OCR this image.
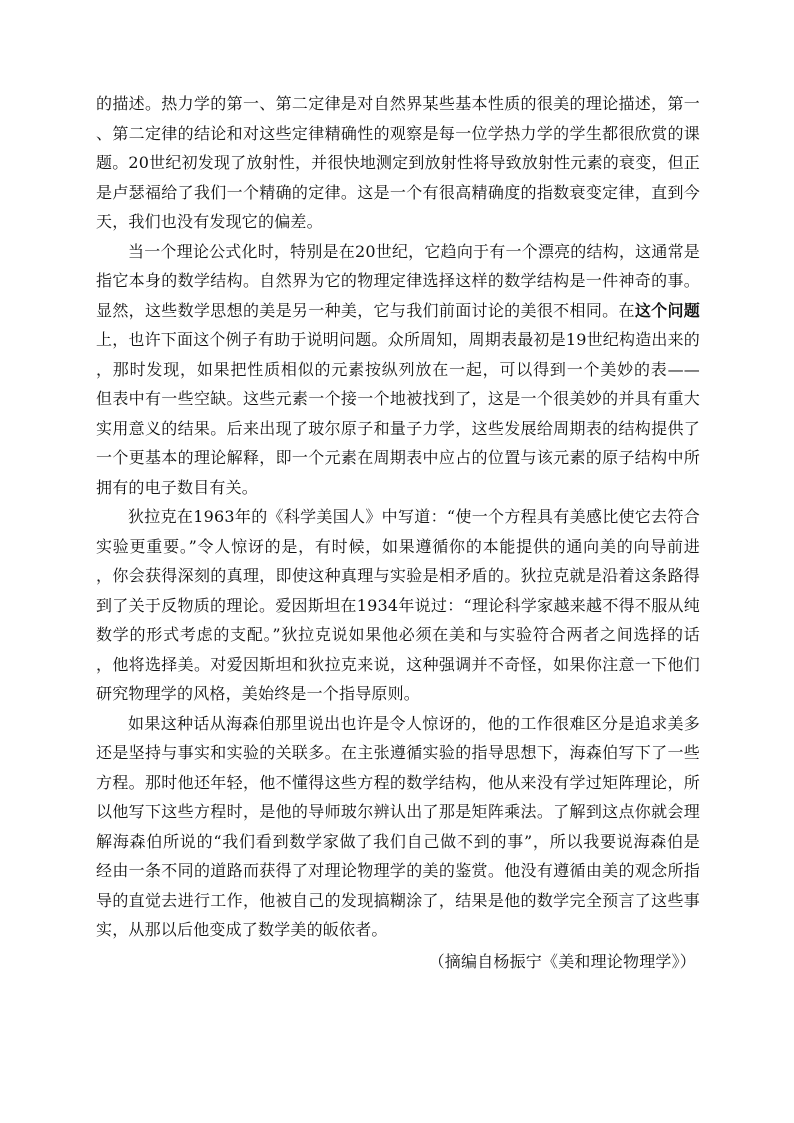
的描述。热力学的第一、第二定律是对自然界某些基本性质的很美的理论描述，第一
、第二定律的结论和对这些定律精确性的观察是每一位学热力学的学生都很欣赏的课
题。20世纪初发现了放射性，并很快地测定到放射性将导致放射性元素的衰变，但正
是卢瑟福给了我们一个精确的定律。这是一个有很高精确度的指数衰变定律，直到今
天，我们也没有发现它的偏差。
当一个理论公式化时，特别是在20世纪，它趋向于有一个漂亮的结构，这通常是
指它本身的数学结构。自然界为它的物理定律选择这样的数学结构是一件神奇的事。
显然，这些数学思想的美是另一种美，它与我们前面讨论的美很不相同。在这个问题
上，也许下面这个例子有助于说明问题。众所周知，周期表最初是19世纪构造出来的
，那时发现，如果把性质相似的元素按纵列放在一起，可以得到一个美妙的表——
但表中有一些空缺。这些元素一个接一个地被找到了，这是一个很美妙的并具有重大
实用意义的结果。后来出现了玻尔原子和量子力学，这些发展给周期表的结构提供了
一个更基本的理论解释，即一个元素在周期表中应占的位置与该元素的原子结构中所
拥有的电子数目有关。
狄拉克在1963年的《科学美国人》中写道：“使一个方程具有美感比使它去符合
实验更重要。”令人惊讶的是，有时候，如果遵循你的本能提供的通向美的向导前进
，你会获得深刻的真理，即使这种真理与实验是相矛盾的。狄拉克就是沿着这条路得
到了关于反物质的理论。爱因斯坦在1934年说过：“理论科学家越来越不得不服从纯
数学的形式考虑的支配。”狄拉克说如果他必须在美和与实验符合两者之间选择的话
，他将选择美。对爱因斯坦和狄拉克来说，这种强调并不奇怪，如果你注意一下他们
研究物理学的风格，美始终是一个指导原则。
如果这种话从海森伯那里说出也许是令人惊讶的，他的工作很难区分是追求美多
还是坚持与事实和实验的关联多。在主张遵循实验的指导思想下，海森伯写下了一些
方程。那时他还年轻，他不懂得这些方程的数学结构，他从来没有学过矩阵理论，所
以他写下这些方程时，是他的导师玻尔辨认出了那是矩阵乘法。了解到这点你就会理
解海森伯所说的“我们看到数学家做了我们自己做不到的事”，所以我要说海森伯是
经由一条不同的道路而获得了对理论物理学的美的鉴赏。他没有遵循由美的观念所指
导的直觉去进行工作，他被自己的发现搞糊涂了，结果是他的数学完全预言了这些事
实，从那以后他变成了数学美的皈依者。
（摘编自杨振宁《美和理论物理学》）
